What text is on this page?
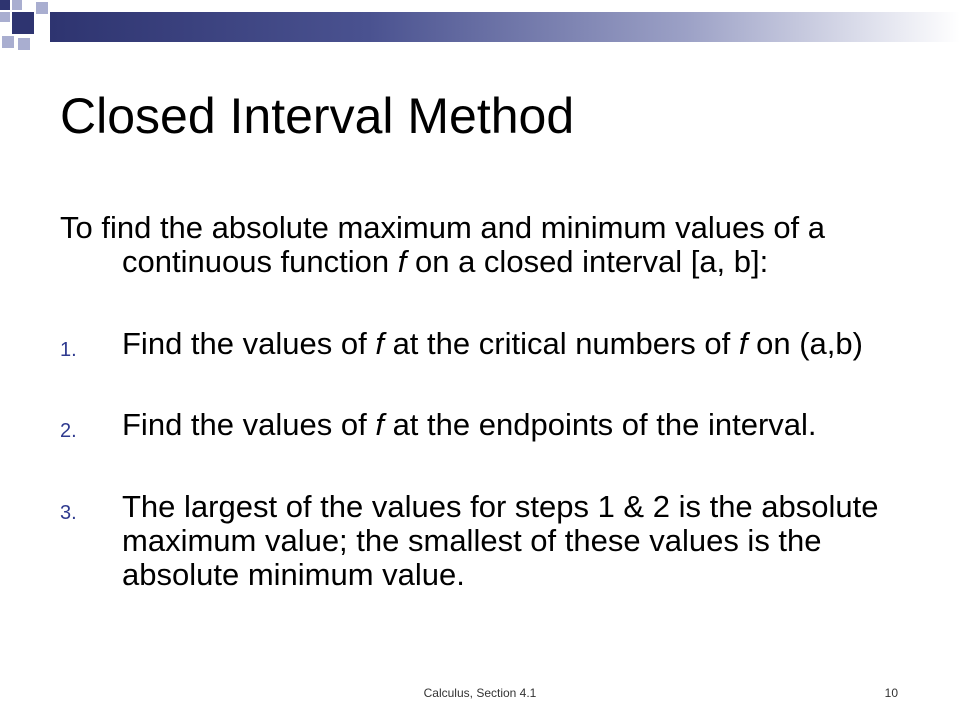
Closed Interval Method
To find the absolute maximum and minimum values of a continuous function f on a closed interval [a, b]:
1. Find the values of f at the critical numbers of f on (a,b)
2. Find the values of f at the endpoints of the interval.
3. The largest of the values for steps 1 & 2 is the absolute maximum value; the smallest of these values is the absolute minimum value.
Calculus, Section 4.1	10
